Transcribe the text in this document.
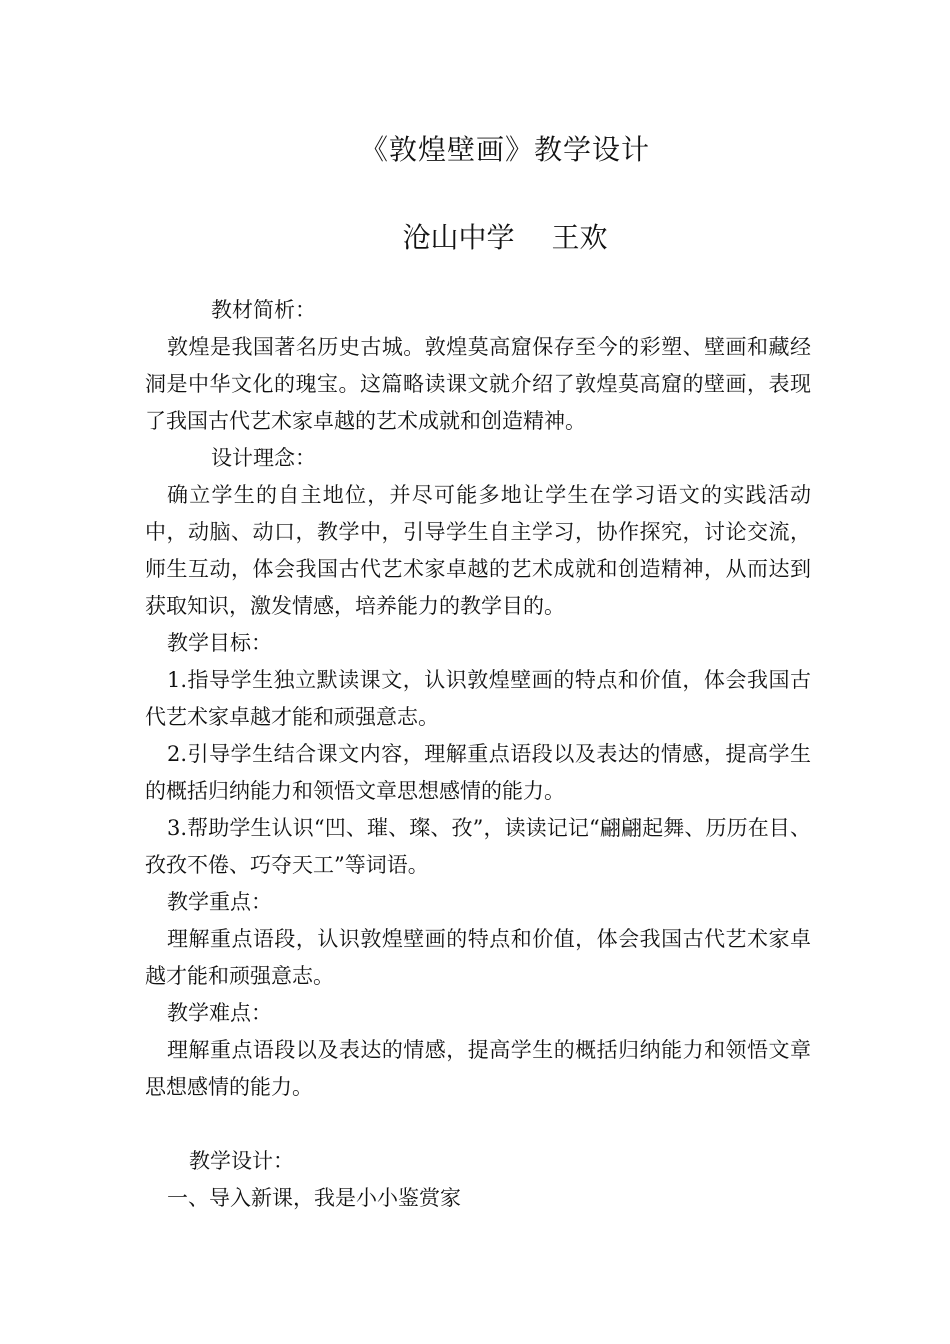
《敦煌壁画》教学设计
沧山中学　 王欢

教材简析：

敦煌是我国著名历史古城。敦煌莫高窟保存至今的彩塑、壁画和藏经洞是中华文化的瑰宝。这篇略读课文就介绍了敦煌莫高窟的壁画，表现了我国古代艺术家卓越的艺术成就和创造精神。

设计理念：

确立学生的自主地位，并尽可能多地让学生在学习语文的实践活动中，动脑、动口，教学中，引导学生自主学习，协作探究，讨论交流，师生互动，体会我国古代艺术家卓越的艺术成就和创造精神，从而达到获取知识，激发情感，培养能力的教学目的。

教学目标：

1.指导学生独立默读课文，认识敦煌壁画的特点和价值，体会我国古代艺术家卓越才能和顽强意志。

2.引导学生结合课文内容，理解重点语段以及表达的情感，提高学生的概括归纳能力和领悟文章思想感情的能力。

3.帮助学生认识“凹、璀、璨、孜”，读读记记“翩翩起舞、历历在目、孜孜不倦、巧夺天工”等词语。

教学重点：

理解重点语段，认识敦煌壁画的特点和价值，体会我国古代艺术家卓越才能和顽强意志。

教学难点：

理解重点语段以及表达的情感，提高学生的概括归纳能力和领悟文章思想感情的能力。

教学设计：

一、导入新课，我是小小鉴赏家
